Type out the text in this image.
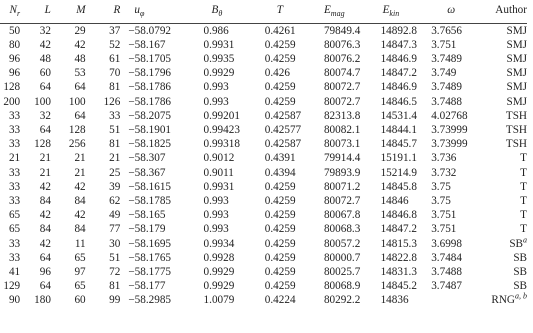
$N_r$	L	M	R	$u_\varphi$	$B_\theta$	T	$E_{mag}$	$E_{kin}$	ω	Author
50	32	29	37	−58.0792	0.986	0.4261	79849.4	14892.8	3.7656	SMJ
80	42	42	52	−58.167	0.9931	0.4259	80076.3	14847.3	3.751	SMJ
96	48	48	61	−58.1705	0.9935	0.4259	80076.2	14846.9	3.7489	SMJ
96	60	53	70	−58.1796	0.9929	0.426	80074.7	14847.2	3.749	SMJ
128	64	64	81	−58.1786	0.993	0.4259	80072.7	14846.9	3.7489	SMJ
200	100	100	126	−58.1786	0.993	0.4259	80072.7	14846.5	3.7488	SMJ
33	32	64	33	−58.2075	0.99201	0.42587	82313.8	14531.4	4.02768	TSH
33	64	128	51	−58.1901	0.99423	0.42577	80082.1	14844.1	3.73999	TSH
33	128	256	81	−58.1825	0.99318	0.42587	80073.1	14845.7	3.73999	TSH
21	21	21	21	−58.307	0.9012	0.4391	79914.4	15191.1	3.736	T
33	21	21	25	−58.367	0.9011	0.4394	79893.9	15214.9	3.732	T
33	42	42	39	−58.1615	0.9931	0.4259	80071.2	14845.8	3.75	T
33	84	84	62	−58.1785	0.993	0.4259	80072.7	14846	3.75	T
65	42	42	49	−58.165	0.993	0.4259	80067.8	14846.8	3.751	T
65	84	84	77	−58.179	0.993	0.4259	80068.3	14847.2	3.751	T
33	42	11	30	−58.1695	0.9934	0.4259	80057.2	14815.3	3.6998	$SB^a$
33	64	65	51	−58.1765	0.9928	0.4259	80000.7	14822.8	3.7484	SB
41	96	97	72	−58.1775	0.9929	0.4259	80025.7	14831.3	3.7488	SB
129	64	65	81	−58.177	0.9929	0.4259	80068.9	14845.2	3.7487	SB
90	180	60	99	−58.2985	1.0079	0.4224	80292.2	14836		RNG$^{a, b}$
